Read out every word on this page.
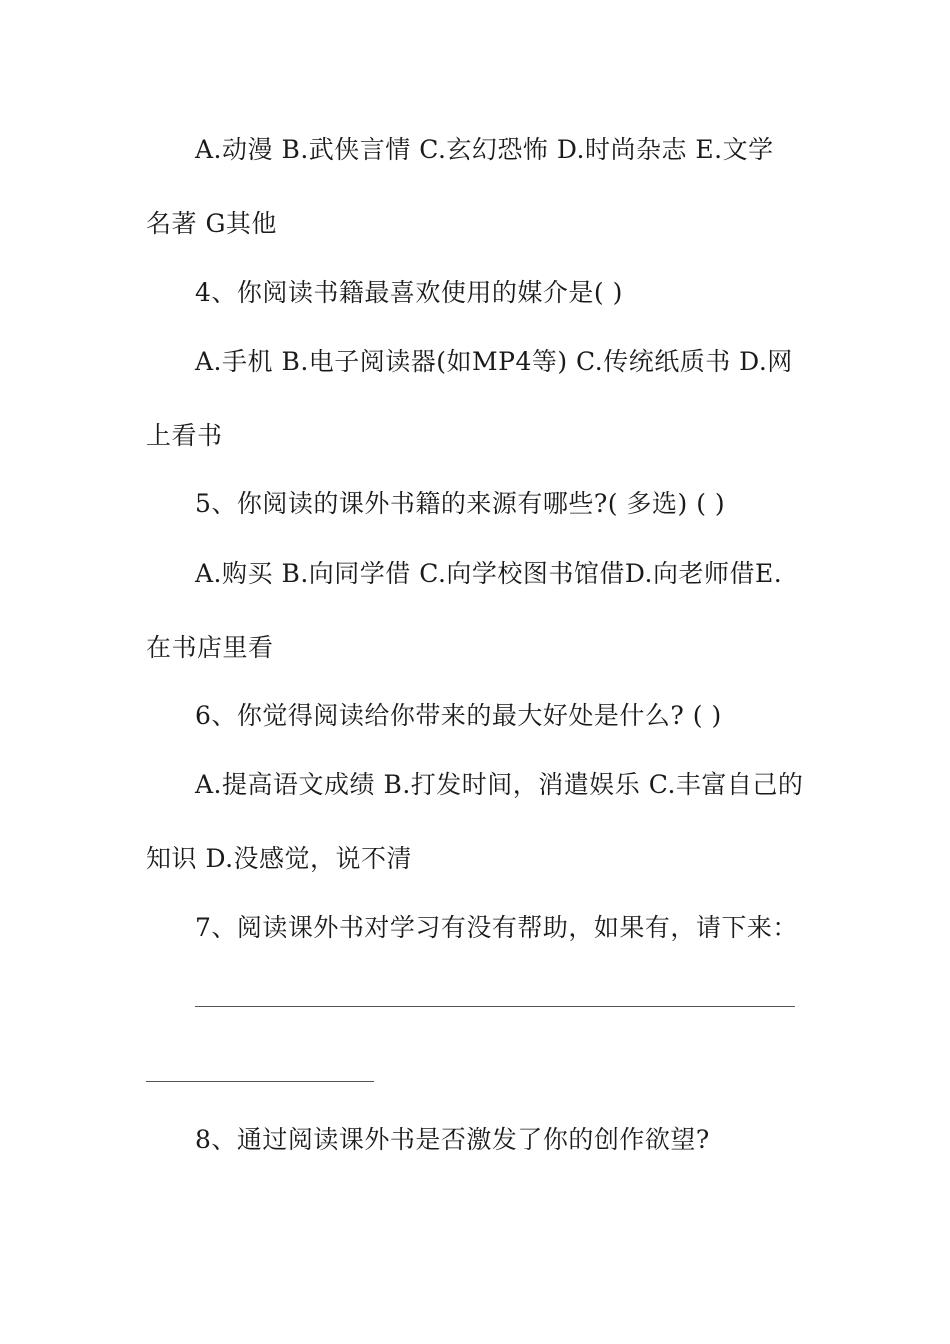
A.动漫 B.武侠言情 C.玄幻恐怖 D.时尚杂志 E.文学
名著 G其他
4、你阅读书籍最喜欢使用的媒介是( )
A.手机 B.电子阅读器(如MP4等) C.传统纸质书 D.网
上看书
5、你阅读的课外书籍的来源有哪些?( 多选) ( )
A.购买 B.向同学借 C.向学校图书馆借D.向老师借E.
在书店里看
6、你觉得阅读给你带来的最大好处是什么? ( )
A.提高语文成绩 B.打发时间，消遣娱乐 C.丰富自己的
知识 D.没感觉，说不清
7、阅读课外书对学习有没有帮助，如果有，请下来：
8、通过阅读课外书是否激发了你的创作欲望?
